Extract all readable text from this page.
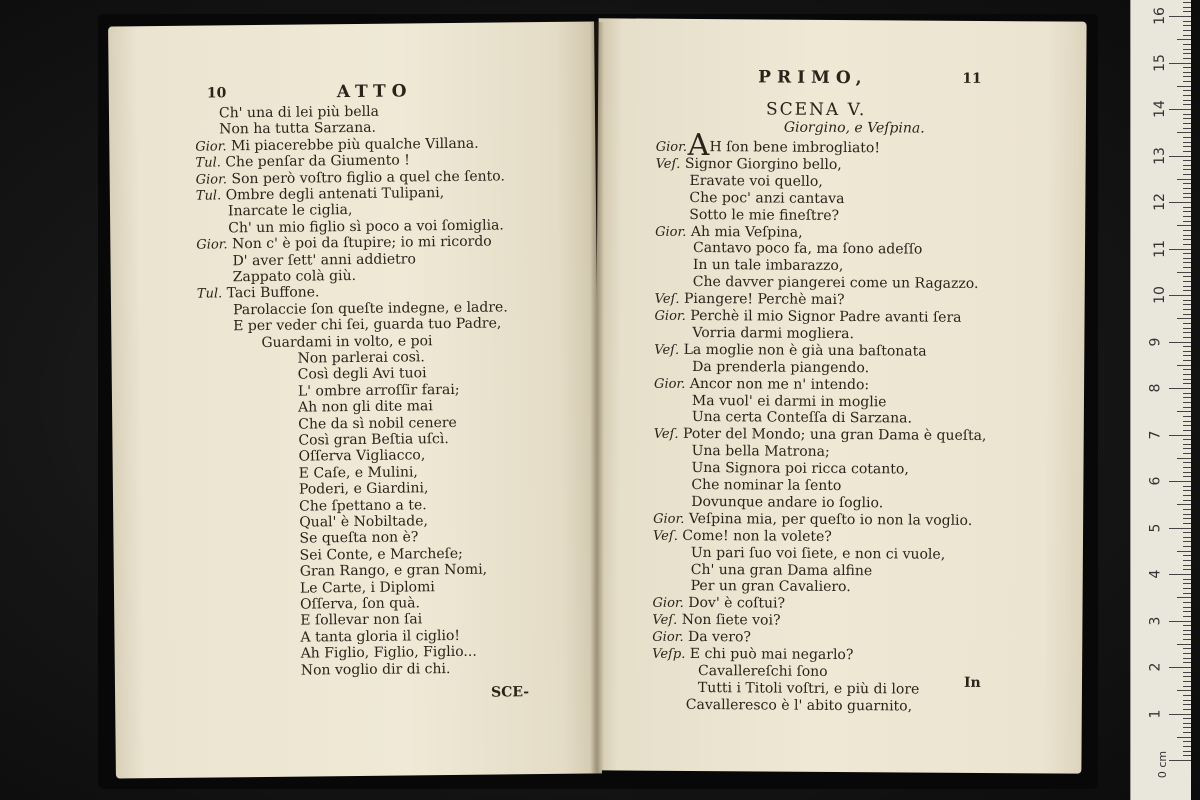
10	ATTO
Ch' una di lei più bella
Non ha tutta Sarzana.
Gior. Mi piacerebbe più qualche Villana.
Tul. Che penſar da Giumento !
Gior. Son però voſtro figlio a quel che ſento.
Tul. Ombre degli antenati Tulipani,
Inarcate le ciglia,
Ch' un mio figlio sì poco a voi ſomiglia.
Gior. Non c' è poi da ſtupire; io mi ricordo
D' aver ſett' anni addietro
Zappato colà giù.
Tul. Taci Buffone.
Parolaccie ſon queſte indegne, e ladre.
E per veder chi ſei, guarda tuo Padre,
Guardami in volto, e poi
Non parlerai così.
Così degli Avi tuoi
L' ombre arroſſir farai;
Ah non gli dite mai
Che da sì nobil cenere
Così gran Beſtia uſcì.
Oſſerva Vigliacco,
E Caſe, e Mulini,
Poderi, e Giardini,
Che ſpettano a te.
Qual' è Nobiltade,
Se queſta non è?
Sei Conte, e Marcheſe;
Gran Rango, e gran Nomi,
Le Carte, i Diplomi
Oſſerva, ſon quà.
E ſollevar non ſai
A tanta gloria il ciglio!
Ah Figlio, Figlio, Figlio...
Non voglio dir di chi.
SCE-
PRIMO,	11
SCENA V.
Giorgino, e Veſpina.
A
Gior. H ſon bene imbrogliato!
Veſ. Signor Giorgino bello,
Eravate voi quello,
Che poc' anzi cantava
Sotto le mie fineſtre?
Gior. Ah mia Veſpina,
Cantavo poco fa, ma ſono adeſſo
In un tale imbarazzo,
Che davver piangerei come un Ragazzo.
Veſ. Piangere! Perchè mai?
Gior. Perchè il mio Signor Padre avanti ſera
Vorria darmi mogliera.
Veſ. La moglie non è già una baſtonata
Da prenderla piangendo.
Gior. Ancor non me n' intendo:
Ma vuol' ei darmi in moglie
Una certa Conteſſa di Sarzana.
Veſ. Poter del Mondo; una gran Dama è queſta,
Una bella Matrona;
Una Signora poi ricca cotanto,
Che nominar la ſento
Dovunque andare io ſoglio.
Gior. Veſpina mia, per queſto io non la voglio.
Veſ. Come! non la volete?
Un pari ſuo voi ſiete, e non ci vuole,
Ch' una gran Dama alfine
Per un gran Cavaliero.
Gior. Dov' è coſtui?
Veſ. Non ſiete voi?
Gior. Da vero?
Veſp. E chi può mai negarlo?
Cavallereſchi ſono
Tutti i Titoli voſtri, e più di lore
Cavalleresco è l' abito guarnito,
In
0 cm
1
2
3
4
5
6
7
8
9
10
11
12
13
14
15
16
